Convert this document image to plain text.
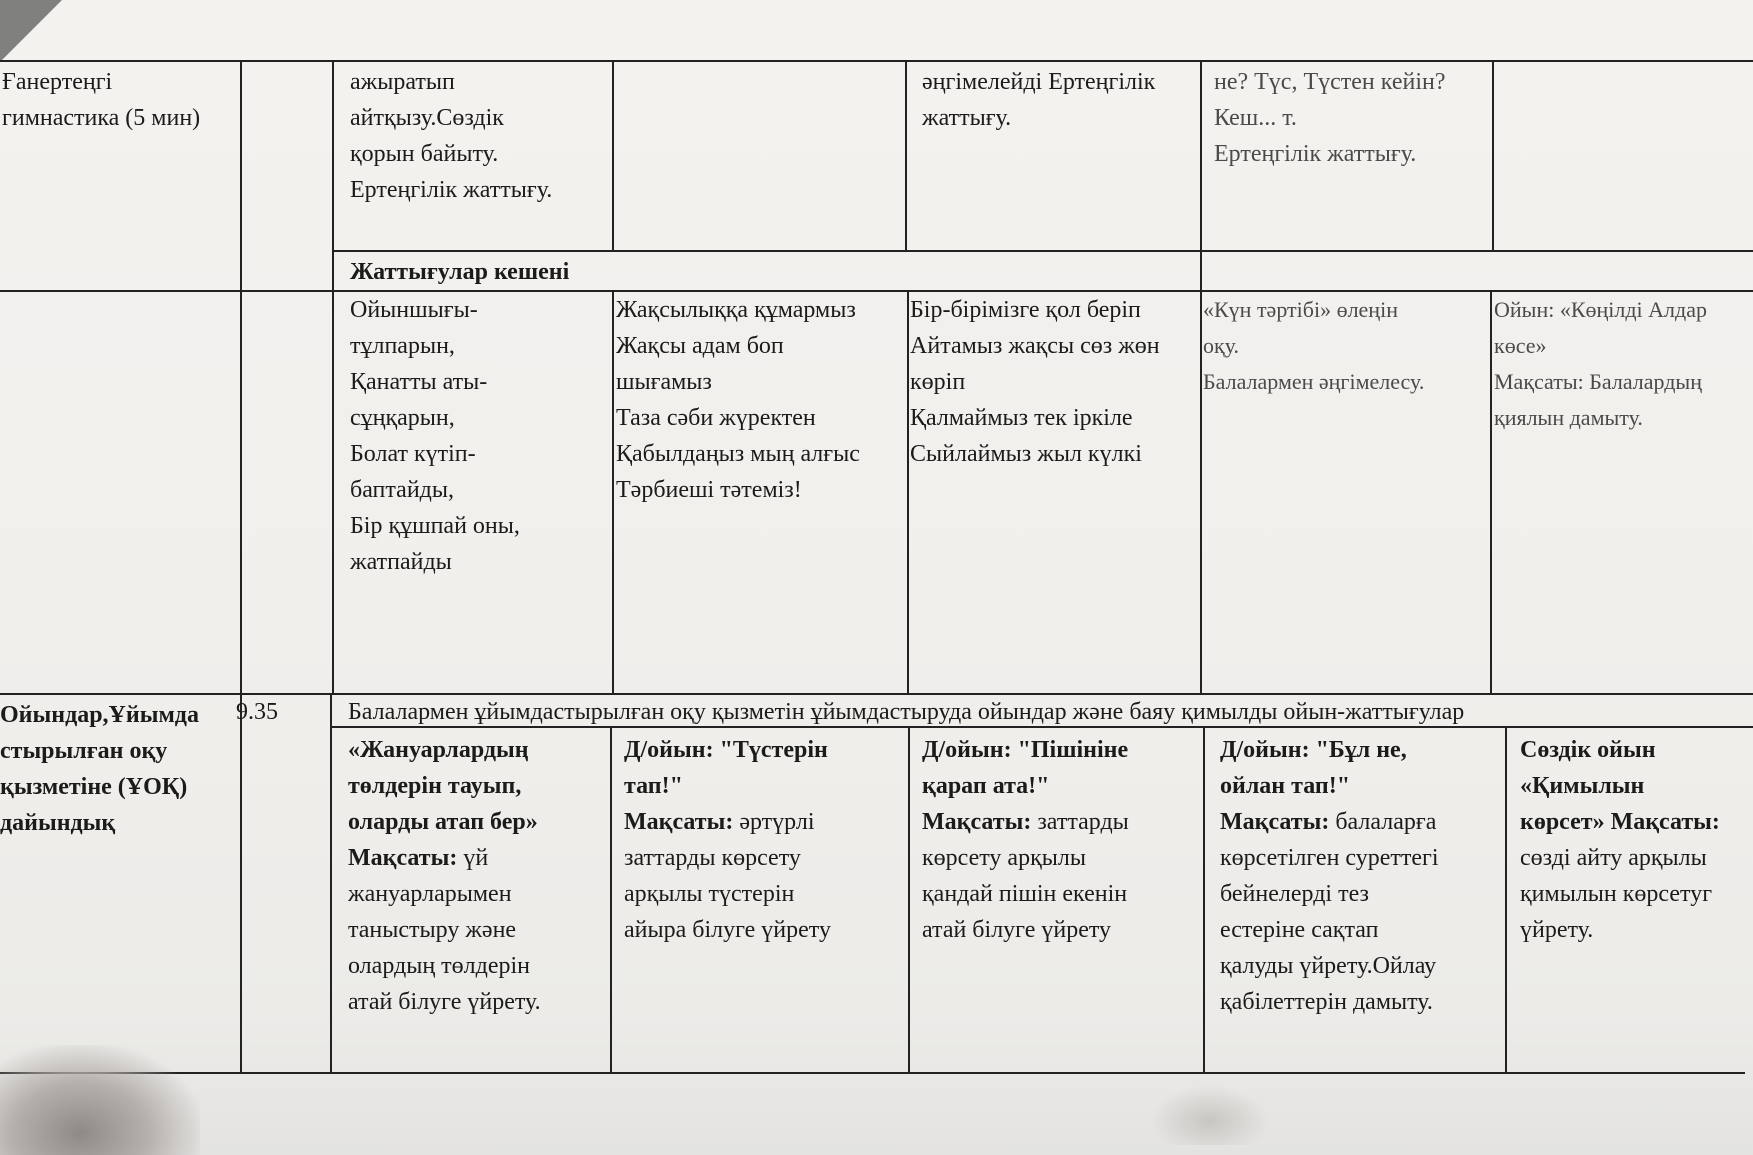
Ғанертеңгі
гимнастика (5 мин)
ажыратып
айтқызу.Сөздік
қорын байыту.
Ертеңгілік жаттығу.
әңгімелейді Ертеңгілік
жаттығу.
не? Түс, Түстен кейін?
Кеш... т.
Ертеңгілік жаттығу.
Жаттығулар кешені
Ойыншығы-
тұлпарын,
Қанатты аты-
сұңқарын,
Болат күтіп-
баптайды,
Бір құшпай оны,
жатпайды
Жақсылыққа құмармыз
Жақсы адам боп
шығамыз
Таза сәби жүректен
Қабылдаңыз мың алғыс
Тәрбиеші тәтеміз!
Бір-бірімізге қол беріп
Айтамыз жақсы сөз жөн
көріп
Қалмаймыз тек іркіле
Сыйлаймыз жыл күлкі
«Күн тәртібі» өлеңін
оқу.
Балалармен әңгімелесу.
Ойын: «Көңілді Алдар
көсе»
Мақсаты: Балалардың
қиялын дамыту.
Ойындар,Ұйымда
стырылған оқу
қызметіне (ҰОҚ)
дайындық
9.35	Балалармен ұйымдастырылған оқу қызметін ұйымдастыруда ойындар және баяу қимылды ойын-жаттығулар
«Жануарлардың
төлдерін тауып,
оларды атап бер»
Мақсаты: үй
жануарларымен
таныстыру және
олардың төлдерін
атай білуге үйрету.
Д/ойын: "Түстерін
тап!"
Мақсаты: әртүрлі
заттарды көрсету
арқылы түстерін
айыра білуге үйрету
Д/ойын: "Пішініне
қарап ата!"
Мақсаты: заттарды
көрсету арқылы
қандай пішін екенін
атай білуге үйрету
Д/ойын: "Бұл не,
ойлан тап!"
Мақсаты: балаларға
көрсетілген суреттегі
бейнелерді тез
естеріне сақтап
қалуды үйрету.Ойлау
қабілеттерін дамыту.
Сөздік ойын
«Қимылын
көрсет» Мақсаты:
сөзді айту арқылы
қимылын көрсетуг
үйрету.
